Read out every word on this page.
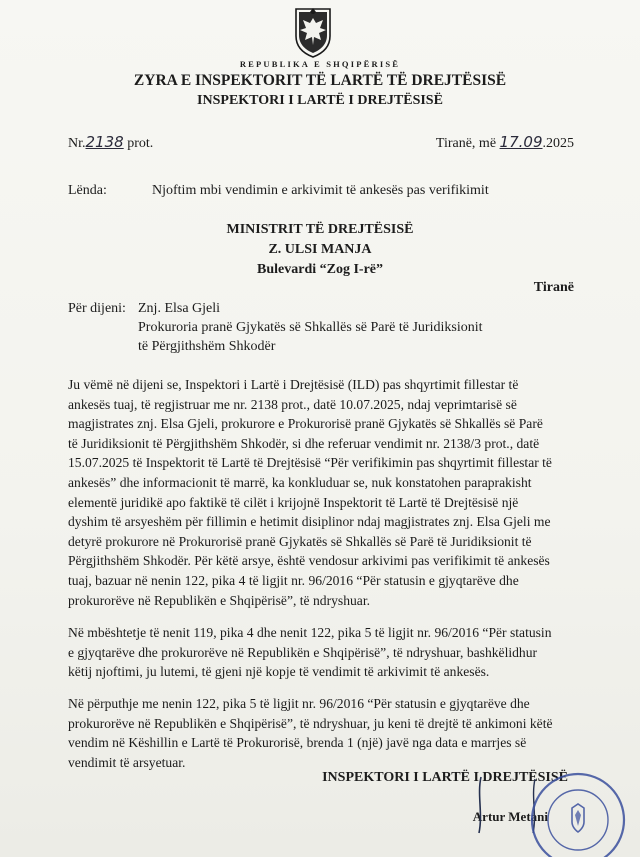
REPUBLIKA E SHQIPËRISË
ZYRA E INSPEKTORIT TË LARTË TË DREJTËSISË
INSPEKTORI I LARTË I DREJTËSISË
Nr.2138 prot.	Tiranë, më 17.09.2025
Lënda:	Njoftim mbi vendimin e arkivimit të ankesës pas verifikimit
MINISTRIT TË DREJTËSISË
Z. ULSI MANJA
Bulevardi “Zog I-rë”
Tiranë
Për dijeni: Znj. Elsa Gjeli
Prokuroria pranë Gjykatës së Shkallës së Parë të Juridiksionit
të Përgjithshëm Shkodër
Ju vëmë në dijeni se, Inspektori i Lartë i Drejtësisë (ILD) pas shqyrtimit fillestar të
ankesës tuaj, të regjistruar me nr. 2138 prot., datë 10.07.2025, ndaj veprimtarisë së
magjistrates znj. Elsa Gjeli, prokurore e Prokurorisë pranë Gjykatës së Shkallës së Parë
të Juridiksionit të Përgjithshëm Shkodër, si dhe referuar vendimit nr. 2138/3 prot., datë
15.07.2025 të Inspektorit të Lartë të Drejtësisë “Për verifikimin pas shqyrtimit fillestar të
ankesës” dhe informacionit të marrë, ka konkluduar se, nuk konstatohen paraprakisht
elementë juridikë apo faktikë të cilët i krijojnë Inspektorit të Lartë të Drejtësisë një
dyshim të arsyeshëm për fillimin e hetimit disiplinor ndaj magjistrates znj. Elsa Gjeli me
detyrë prokurore në Prokurorisë pranë Gjykatës së Shkallës së Parë të Juridiksionit të
Përgjithshëm Shkodër. Për këtë arsye, është vendosur arkivimi pas verifikimit të ankesës
tuaj, bazuar në nenin 122, pika 4 të ligjit nr. 96/2016 “Për statusin e gjyqtarëve dhe
prokurorëve në Republikën e Shqipërisë”, të ndryshuar.
Në mbështetje të nenit 119, pika 4 dhe nenit 122, pika 5 të ligjit nr. 96/2016 “Për statusin
e gjyqtarëve dhe prokurorëve në Republikën e Shqipërisë”, të ndryshuar, bashkëlidhur
këtij njoftimi, ju lutemi, të gjeni një kopje të vendimit të arkivimit të ankesës.
Në përputhje me nenin 122, pika 5 të ligjit nr. 96/2016 “Për statusin e gjyqtarëve dhe
prokurorëve në Republikën e Shqipërisë”, të ndryshuar, ju keni të drejtë të ankimoni këtë
vendim në Këshillin e Lartë të Prokurorisë, brenda 1 (një) javë nga data e marrjes së
vendimit të arsyetuar.
INSPEKTORI I LARTË I DREJTËSISË
Artur Metani
